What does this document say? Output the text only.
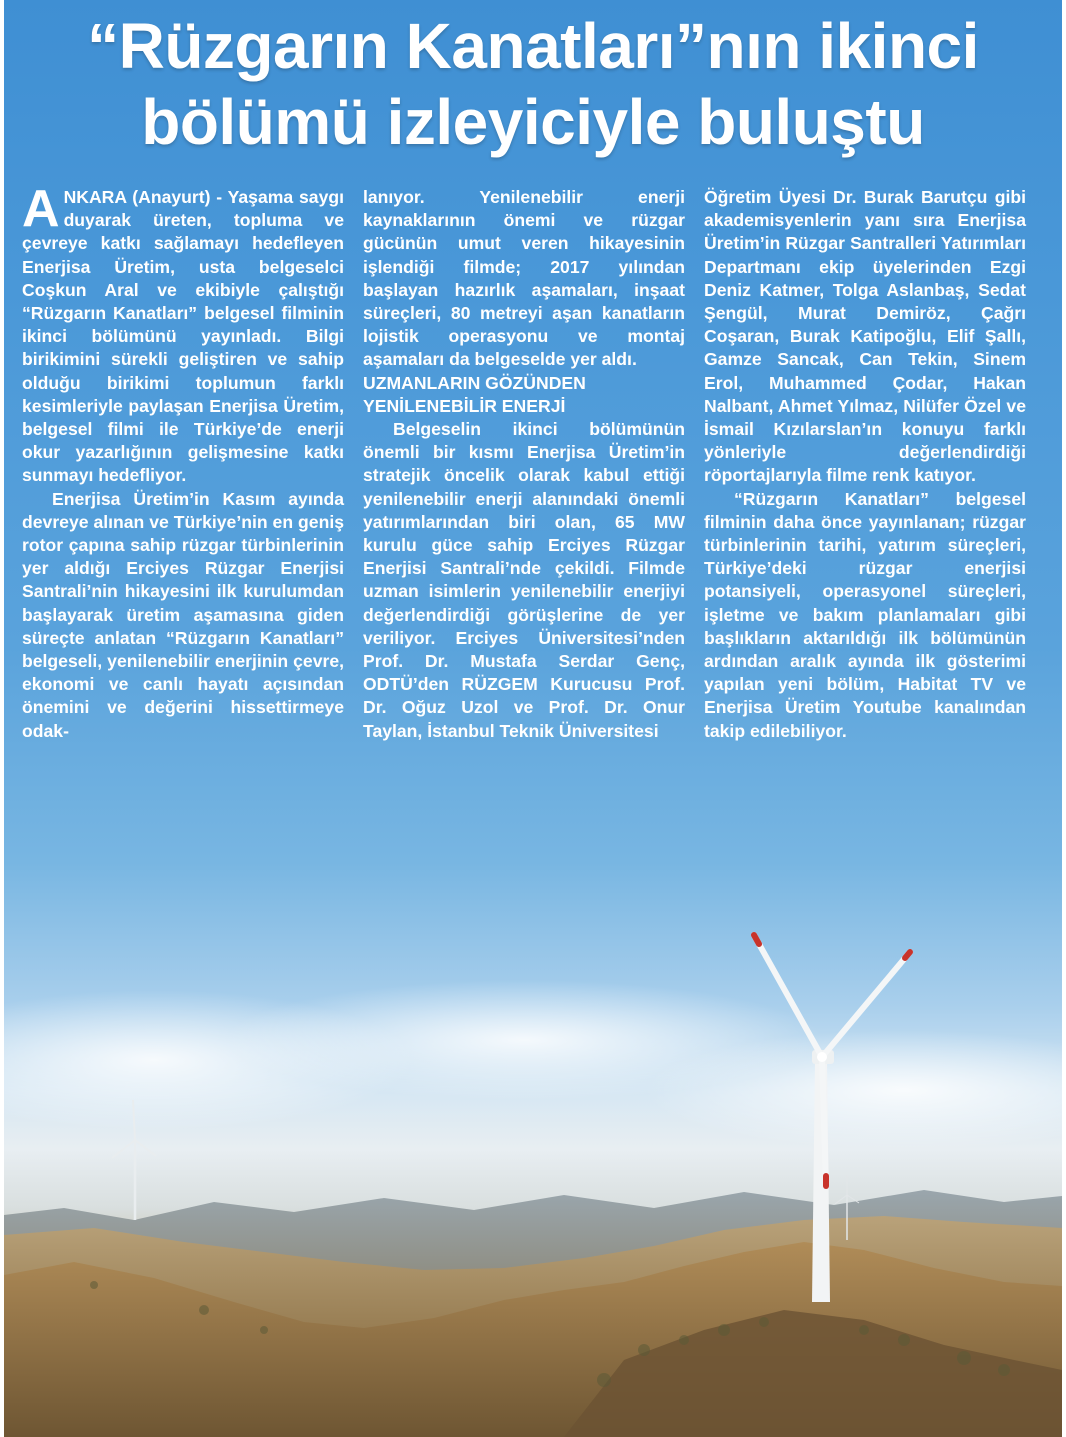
“Rüzgarın Kanatları”nın ikinci
bölümü izleyiciyle buluştu

ANKARA (Anayurt) - Yaşama saygı duyarak üreten, topluma ve çevreye katkı sağlamayı hedefleyen Enerjisa Üretim, usta belgeselci Coşkun Aral ve ekibiyle çalıştığı “Rüzgarın Kanatları” belgesel filminin ikinci bölümünü yayınladı. Bilgi birikimini sürekli geliştiren ve sahip olduğu birikimi toplumun farklı kesimleriyle paylaşan Enerjisa Üretim, belgesel filmi ile Türkiye’de enerji okur yazarlığının gelişmesine katkı sunmayı hedefliyor.

Enerjisa Üretim’in Kasım ayında devreye alınan ve Türkiye’nin en geniş rotor çapına sahip rüzgar türbinlerinin yer aldığı Erciyes Rüzgar Enerjisi Santrali’nin hikayesini ilk kurulumdan başlayarak üretim aşamasına giden süreçte anlatan “Rüzgarın Kanatları” belgeseli, yenilenebilir enerjinin çevre, ekonomi ve canlı hayatı açısından önemini ve değerini hissettirmeye odak-

lanıyor. Yenilenebilir enerji kaynaklarının önemi ve rüzgar gücünün umut veren hikayesinin işlendiği filmde; 2017 yılından başlayan hazırlık aşamaları, inşaat süreçleri, 80 metreyi aşan kanatların lojistik operasyonu ve montaj aşamaları da belgeselde yer aldı.

UZMANLARIN GÖZÜNDEN
YENİLENEBİLİR ENERJİ

Belgeselin ikinci bölümünün önemli bir kısmı Enerjisa Üretim’in stratejik öncelik olarak kabul ettiği yenilenebilir enerji alanındaki önemli yatırımlarından biri olan, 65 MW kurulu güce sahip Erciyes Rüzgar Enerjisi Santrali’nde çekildi. Filmde uzman isimlerin yenilenebilir enerjiyi değerlendirdiği görüşlerine de yer veriliyor. Erciyes Üniversitesi’nden Prof. Dr. Mustafa Serdar Genç, ODTÜ’den RÜZGEM Kurucusu Prof. Dr. Oğuz Uzol ve Prof. Dr. Onur Taylan, İstanbul Teknik Üniversitesi

Öğretim Üyesi Dr. Burak Barutçu gibi akademisyenlerin yanı sıra Enerjisa Üretim’in Rüzgar Santralleri Yatırımları Departmanı ekip üyelerinden Ezgi Deniz Katmer, Tolga Aslanbaş, Sedat Şengül, Murat Demiröz, Çağrı Coşaran, Burak Katipoğlu, Elif Şallı, Gamze Sancak, Can Tekin, Sinem Erol, Muhammed Çodar, Hakan Nalbant, Ahmet Yılmaz, Nilüfer Özel ve İsmail Kızılarslan’ın konuyu farklı yönleriyle değerlendirdiği röportajlarıyla filme renk katıyor.

“Rüzgarın Kanatları” belgesel filminin daha önce yayınlanan; rüzgar türbinlerinin tarihi, yatırım süreçleri, Türkiye’deki rüzgar enerjisi potansiyeli, operasyonel süreçleri, işletme ve bakım planlamaları gibi başlıkların aktarıldığı ilk bölümünün ardından aralık ayında ilk gösterimi yapılan yeni bölüm, Habitat TV ve Enerjisa Üretim Youtube kanalından takip edilebiliyor.
